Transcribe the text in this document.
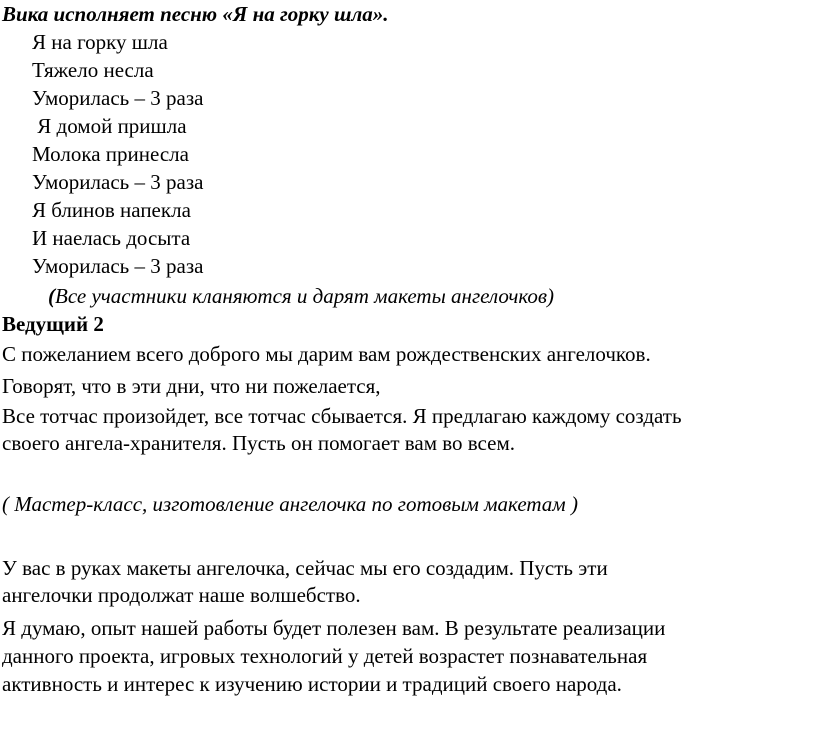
Вика исполняет песню «Я на горку шла».
Я на горку шла
Тяжело несла
Уморилась – 3 раза
Я домой пришла
Молока принесла
Уморилась – 3 раза
Я блинов напекла
И наелась досыта
Уморилась – 3 раза
(Все участники кланяются и дарят макеты ангелочков)
Ведущий 2
С пожеланием всего доброго мы дарим вам рождественских ангелочков.
Говорят, что в эти дни, что ни пожелается,
Все тотчас произойдет, все тотчас сбывается. Я предлагаю каждому создать
своего ангела-хранителя. Пусть он помогает вам во всем.
( Мастер-класс, изготовление ангелочка по готовым макетам )
У вас в руках макеты ангелочка, сейчас мы его создадим. Пусть эти
ангелочки продолжат наше волшебство.
Я думаю, опыт нашей работы будет полезен вам. В результате реализации
данного проекта, игровых технологий у детей возрастет познавательная
активность и интерес к изучению истории и традиций своего народа.
